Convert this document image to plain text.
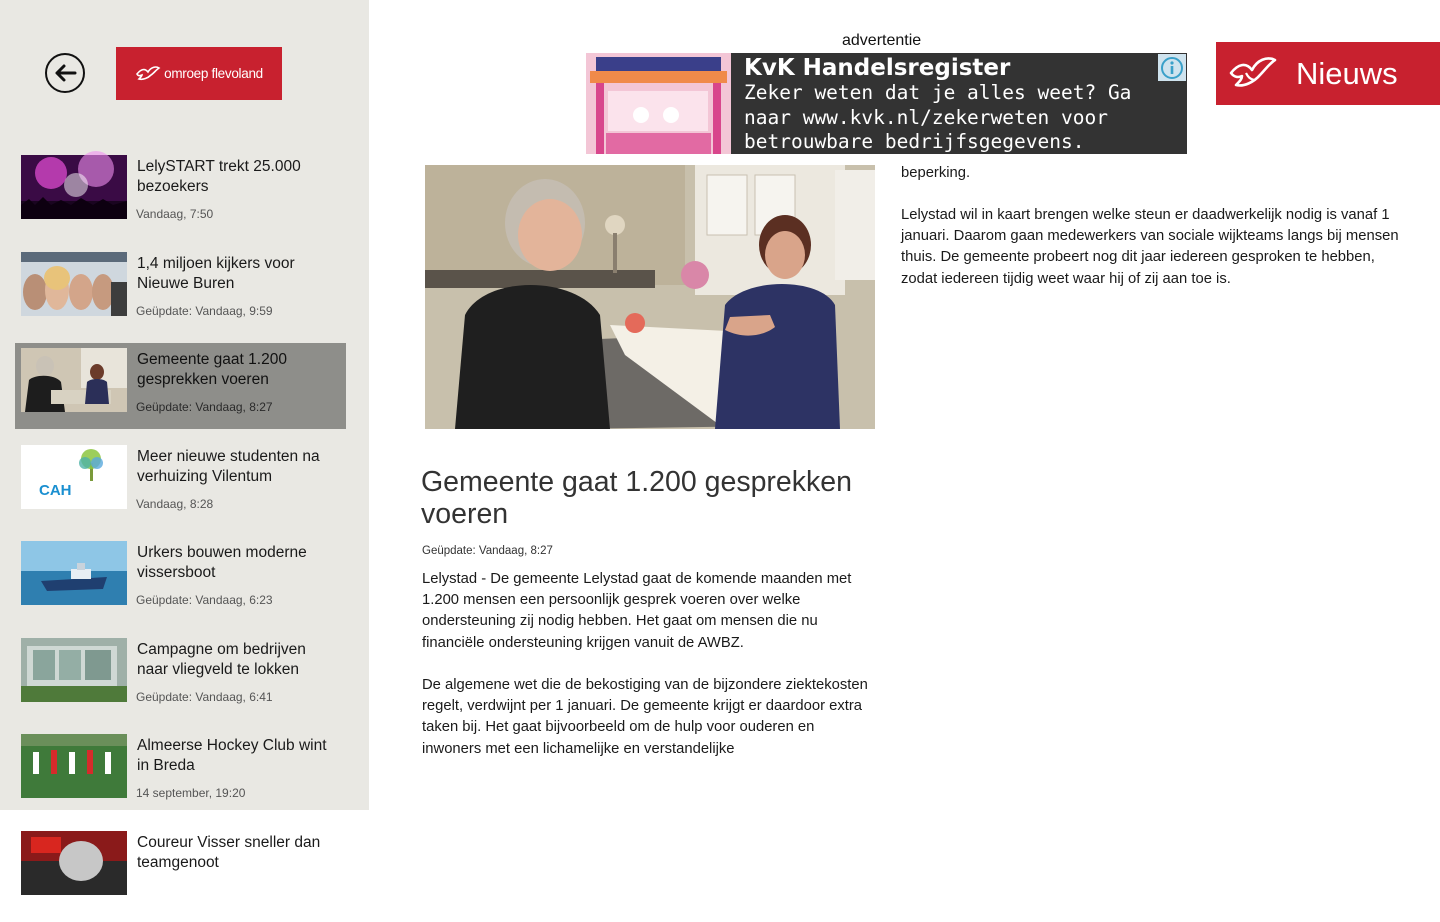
omroep flevoland
LelySTART trekt 25.000 bezoekers
Vandaag, 7:50
1,4 miljoen kijkers voor Nieuwe Buren
Geüpdate: Vandaag, 9:59
Gemeente gaat 1.200 gesprekken voeren
Geüpdate: Vandaag, 8:27
CAH
Meer nieuwe studenten na verhuizing Vilentum
Vandaag, 8:28
Urkers bouwen moderne vissersboot
Geüpdate: Vandaag, 6:23
Campagne om bedrijven naar vliegveld te lokken
Geüpdate: Vandaag, 6:41
Almeerse Hockey Club wint in Breda
14 september, 19:20
Coureur Visser sneller dan teamgenoot
advertentie
KvK Handelsregister
Zeker weten dat je alles weet? Ga naar www.kvk.nl/zekerweten voor betrouwbare bedrijfsgegevens.
Nieuws
Gemeente gaat 1.200 gesprekken voeren
Geüpdate: Vandaag, 8:27
Lelystad - De gemeente Lelystad gaat de komende maanden met 1.200 mensen een persoonlijk gesprek voeren over welke ondersteuning zij nodig hebben. Het gaat om mensen die nu financiële ondersteuning krijgen vanuit de AWBZ.
De algemene wet die de bekostiging van de bijzondere ziektekosten regelt, verdwijnt per 1 januari. De gemeente krijgt er daardoor extra taken bij. Het gaat bijvoorbeeld om de hulp voor ouderen en inwoners met een lichamelijke en verstandelijke
beperking.
Lelystad wil in kaart brengen welke steun er daadwerkelijk nodig is vanaf 1 januari. Daarom gaan medewerkers van sociale wijkteams langs bij mensen thuis. De gemeente probeert nog dit jaar iedereen gesproken te hebben, zodat iedereen tijdig weet waar hij of zij aan toe is.
